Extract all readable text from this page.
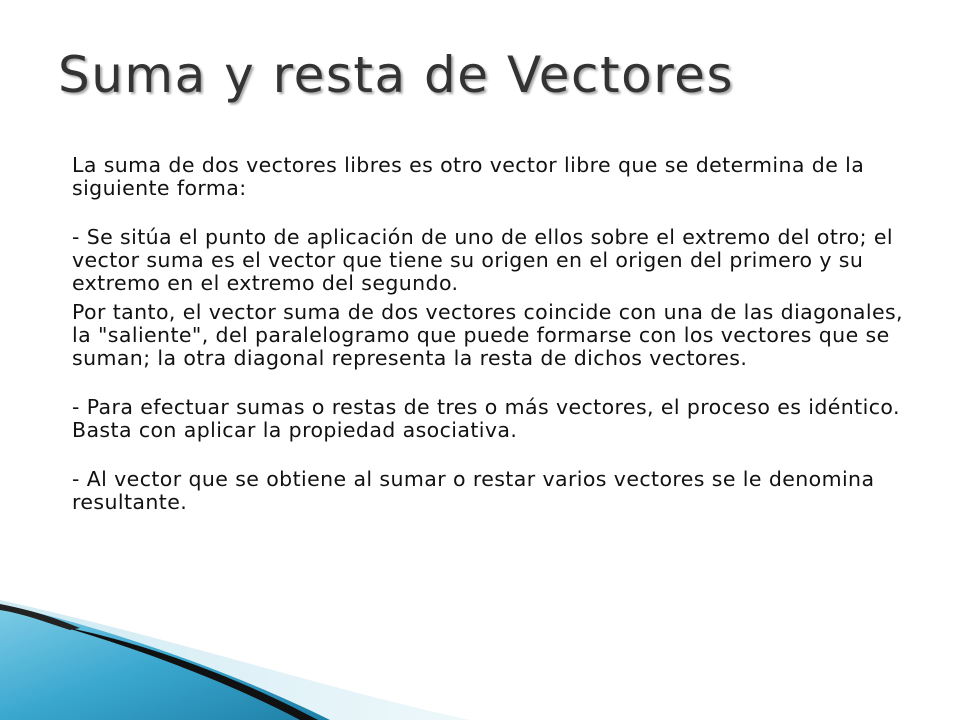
Suma y resta de Vectores

La suma de dos vectores libres es otro vector libre que se determina de la siguiente forma:

- Se sitúa el punto de aplicación de uno de ellos sobre el extremo del otro; el vector suma es el vector que tiene su origen en el origen del primero y su extremo en el extremo del segundo.

Por tanto, el vector suma de dos vectores coincide con una de las diagonales, la "saliente", del paralelogramo que puede formarse con los vectores que se suman; la otra diagonal representa la resta de dichos vectores.

- Para efectuar sumas o restas de tres o más vectores, el proceso es idéntico. Basta con aplicar la propiedad asociativa.

- Al vector que se obtiene al sumar o restar varios vectores se le denomina resultante.
